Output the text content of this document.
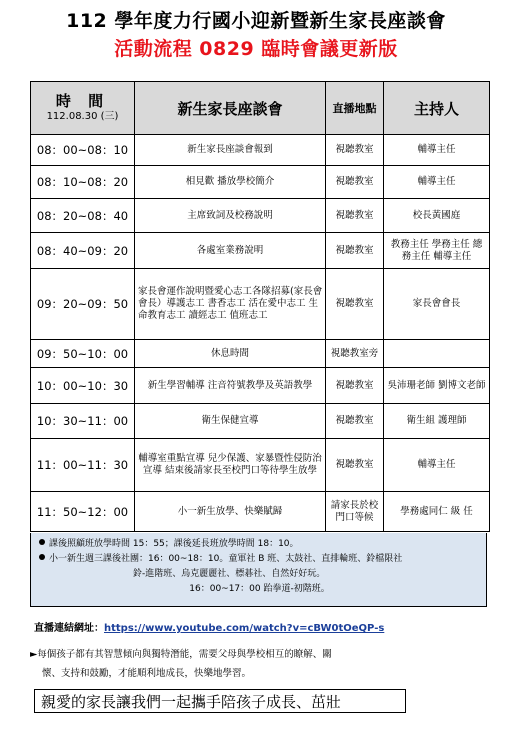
112 學年度力行國小迎新暨新生家長座談會
活動流程 0829 臨時會議更新版
時 間
112.08.30 (三)	新生家長座談會	直播地點	主持人
08：00~08：10	新生家長座談會報到	視聽教室	輔導主任
08：10~08：20	相見歡 播放學校簡介	視聽教室	輔導主任
08：20~08：40	主席致詞及校務說明	視聽教室	校長黃國庭
08：40~09：20	各處室業務說明	視聽教室	教務主任 學務主任 總務主任 輔導主任
09：20~09：50	家長會運作說明暨愛心志工各隊招募(家長會會長）導護志工 書香志工 活在愛中志工 生命教育志工 讀經志工 值班志工	視聽教室	家長會會長
09：50~10：00	休息時間	視聽教室旁	
10：00~10：30	新生學習輔導 注音符號教學及英語教學	視聽教室	吳沛珊老師 劉博文老師
10：30~11：00	衛生保健宣導	視聽教室	衛生組 護理師
11：00~11：30	輔導室重點宣導 兒少保護、家暴暨性侵防治宣導 結束後請家長至校門口等待學生放學	視聽教室	輔導主任
11：50~12：00	小一新生放學、快樂賦歸	請家長於校門口等候	學務處同仁 級 任
課後照顧班放學時間 15：55；課後延長班放學時間 18：10。
小一新生週三課後社團：16：00~18：10。童軍社 B 班、太鼓社、直排輪班、鈴檔限社
鈴-進階班、烏克麗麗社、標碁社、自然好好玩。
16：00~17：00 跆拳道-初階班。
直播連結網址：https://www.youtube.com/watch?v=cBW0tOeQP-s
►每個孩子都有其智慧傾向與獨特潛能，需要父母與學校相互的瞭解、關
懷、支持和鼓勵，才能順利地成長，快樂地學習。
親愛的家長讓我們一起攜手陪孩子成長、茁壯
